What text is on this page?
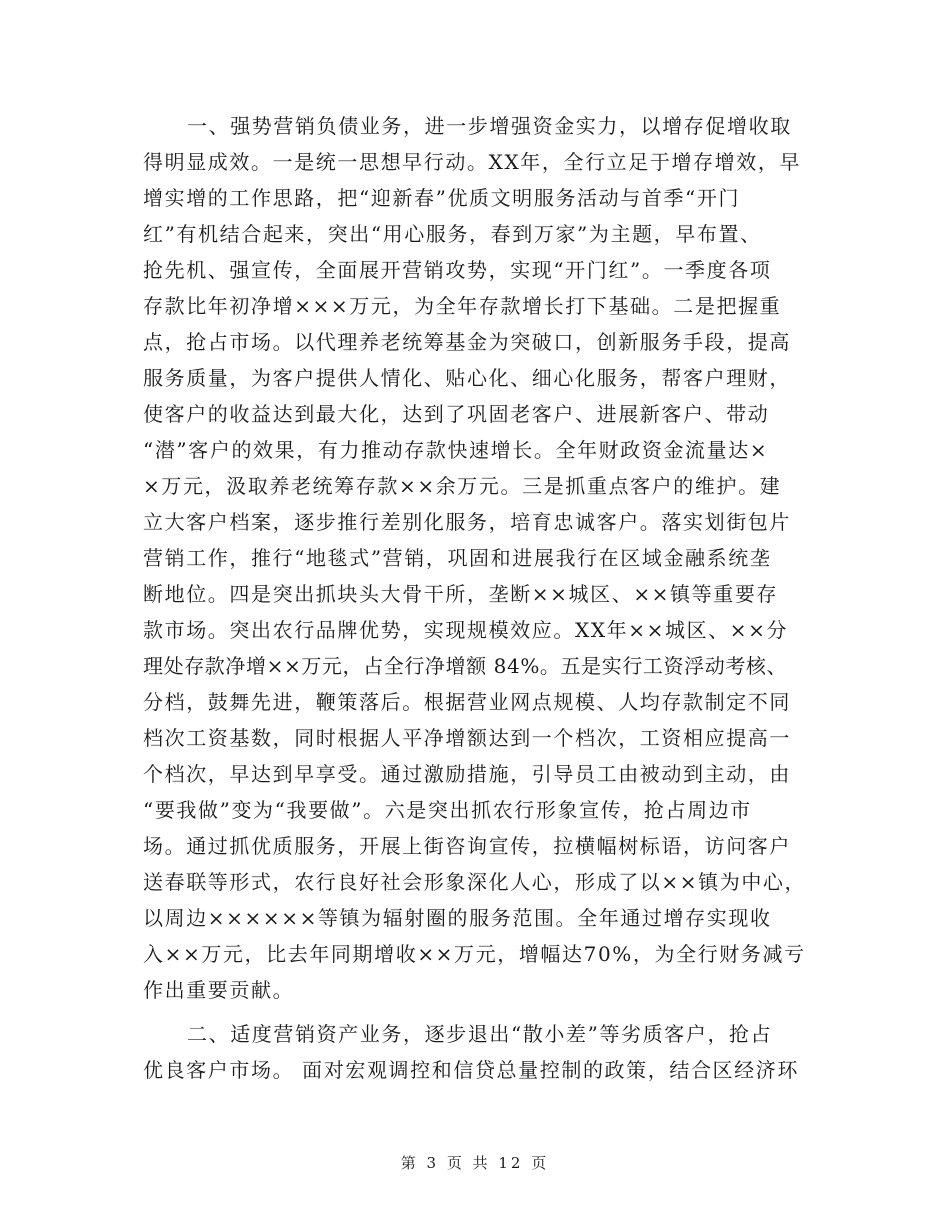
一、强势营销负债业务，进一步增强资金实力，以增存促增收取
得明显成效。一是统一思想早行动。XX年，全行立足于增存增效，早
增实增的工作思路，把“迎新春”优质文明服务活动与首季“开门
红”有机结合起来，突出“用心服务，春到万家”为主题，早布置、
抢先机、强宣传，全面展开营销攻势，实现“开门红”。一季度各项
存款比年初净增×××万元，为全年存款增长打下基础。二是把握重
点，抢占市场。以代理养老统筹基金为突破口，创新服务手段，提高
服务质量，为客户提供人情化、贴心化、细心化服务，帮客户理财，
使客户的收益达到最大化，达到了巩固老客户、进展新客户、带动
“潜”客户的效果，有力推动存款快速增长。全年财政资金流量达×
×万元，汲取养老统筹存款××余万元。三是抓重点客户的维护。建
立大客户档案，逐步推行差别化服务，培育忠诚客户。落实划街包片
营销工作，推行“地毯式”营销，巩固和进展我行在区域金融系统垄
断地位。四是突出抓块头大骨干所，垄断××城区、××镇等重要存
款市场。突出农行品牌优势，实现规模效应。XX年××城区、××分
理处存款净增××万元，占全行净增额 84%。五是实行工资浮动考核、
分档，鼓舞先进，鞭策落后。根据营业网点规模、人均存款制定不同
档次工资基数，同时根据人平净增额达到一个档次，工资相应提高一
个档次，早达到早享受。通过激励措施，引导员工由被动到主动，由
“要我做”变为“我要做”。六是突出抓农行形象宣传，抢占周边市
场。通过抓优质服务，开展上街咨询宣传，拉横幅树标语，访问客户
送春联等形式，农行良好社会形象深化人心，形成了以××镇为中心，
以周边××××××等镇为辐射圈的服务范围。全年通过增存实现收
入××万元，比去年同期增收××万元，增幅达70%，为全行财务减亏
作出重要贡献。
二、适度营销资产业务，逐步退出“散小差”等劣质客户，抢占
优良客户市场。 面对宏观调控和信贷总量控制的政策，结合区经济环
第 3 页 共 12 页
